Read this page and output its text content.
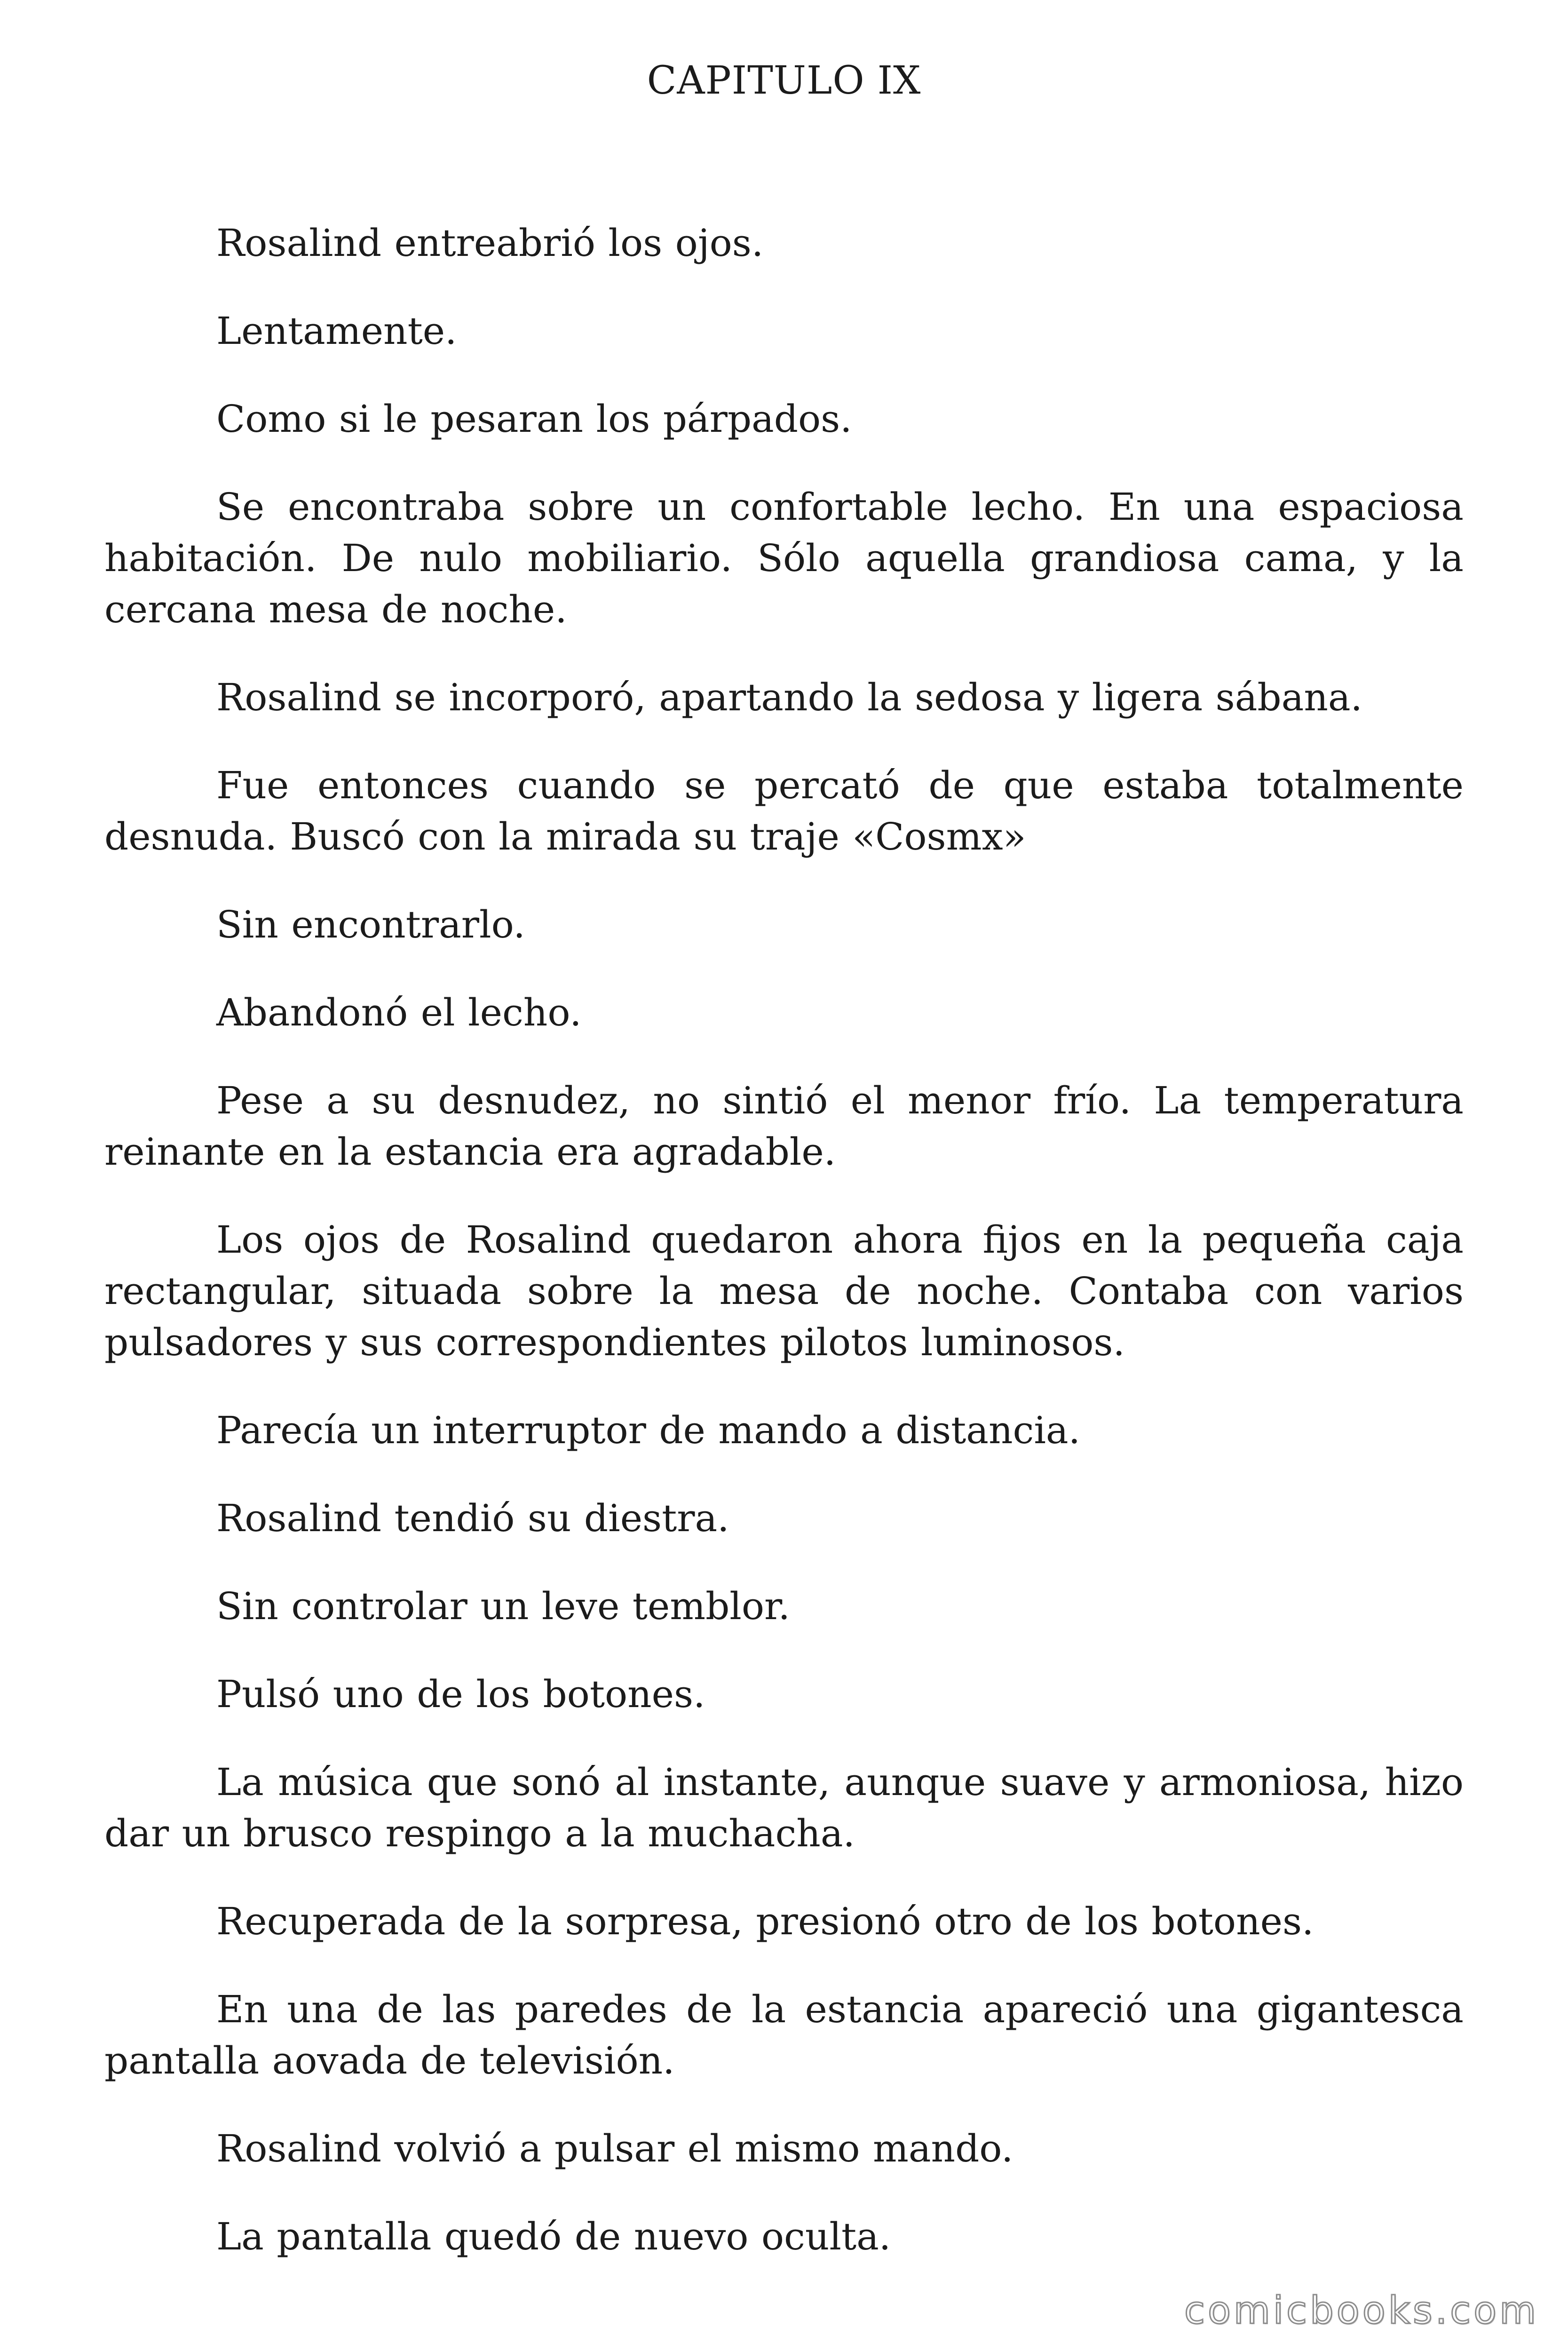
CAPITULO IX

Rosalind entreabrió los ojos.

Lentamente.

Como si le pesaran los párpados.

Se encontraba sobre un confortable lecho. En una espaciosa habitación. De nulo mobiliario. Sólo aquella grandiosa cama, y la cercana mesa de noche.

Rosalind se incorporó, apartando la sedosa y ligera sábana.

Fue entonces cuando se percató de que estaba totalmente desnuda. Buscó con la mirada su traje «Cosmx»

Sin encontrarlo.

Abandonó el lecho.

Pese a su desnudez, no sintió el menor frío. La temperatura reinante en la estancia era agradable.

Los ojos de Rosalind quedaron ahora fijos en la pequeña caja rectangular, situada sobre la mesa de noche. Contaba con varios pulsadores y sus correspondientes pilotos luminosos.

Parecía un interruptor de mando a distancia.

Rosalind tendió su diestra.

Sin controlar un leve temblor.

Pulsó uno de los botones.

La música que sonó al instante, aunque suave y armoniosa, hizo dar un brusco respingo a la muchacha.

Recuperada de la sorpresa, presionó otro de los botones.

En una de las paredes de la estancia apareció una gigantesca pantalla aovada de televisión.

Rosalind volvió a pulsar el mismo mando.

La pantalla quedó de nuevo oculta.

comicbooks.com
